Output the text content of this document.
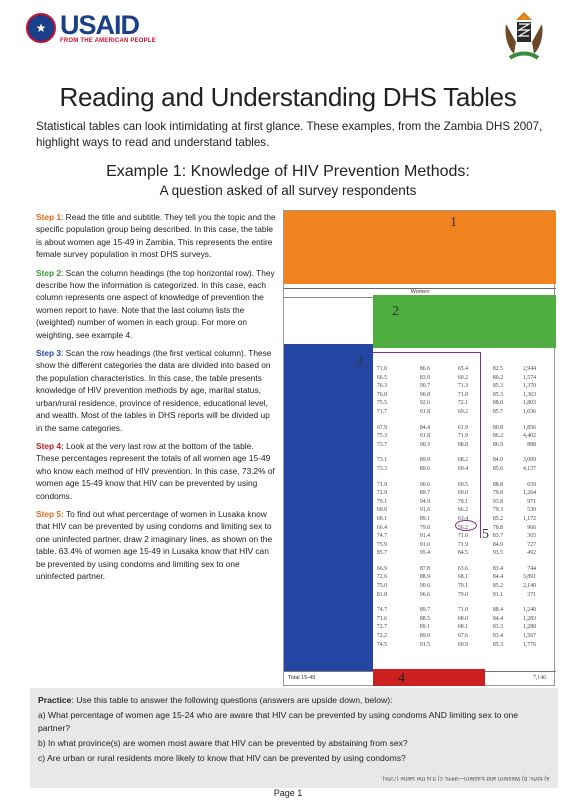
★ USAID
FROM THE AMERICAN PEOPLE
Reading and Understanding DHS Tables
Statistical tables can look intimidating at first glance. These examples, from the Zambia DHS 2007, highlight ways to read and understand tables.
Example 1: Knowledge of HIV Prevention Methods:
A question asked of all survey respondents

Step 1: Read the title and subtitle. They tell you the topic and the specific population group being described. In this case, the table is about women age 15-49 in Zambia. This represents the entire female survey population in most DHS surveys.

Step 2: Scan the column headings (the top horizontal row). They describe how the information is categorized. In this case, each column represents one aspect of knowledge of prevention the women report to have. Note that the last column lists the (weighted) number of women in each group. For more on weighting, see example 4.

Step 3: Scan the row headings (the first vertical column). These show the different categories the data are divided into based on the population characteristics. In this case, the table presents knowledge of HIV prevention methods by age, marital status, urban/rural residence, province of residence, educational level, and wealth. Most of the tables in DHS reports will be divided up in the same categories.

Step 4: Look at the very last row at the bottom of the table. These percentages represent the totals of all women age 15-49 who know each method of HIV prevention. In this case, 73.2% of women age 15-49 know that HIV can be prevented by using condoms.

Step 5: To find out what percentage of women in Lusaka know that HIV can be prevented by using condoms and limiting sex to one uninfected partner, draw 2 imaginary lines, as shown on the table. 63.4% of women age 15-49 in Lusaka know that HIV can be prevented by using condoms and limiting sex to one uninfected partner.

Women
1
2
3
5
71.0	86.6	65.4	82.5	2,944
66.5	83.0	60.2	80.2	1,574
76.3	90.7	71.3	85.3	1,370
76.0	90.8	71.8	85.3	1,363
75.5	92.6	72.1	88.0	1,803
71.7	91.8	69.2	85.7	1,036
67.9	84.4	61.9	80.8	1,856
75.3	91.8	71.9	86.2	4,402
73.7	90.3	68.8	86.9	888
73.1	89.9	68.2	84.0	3,009
73.3	89.6	69.4	85.6	4,137
71.9	90.6	69.5	88.8	659
72.9	89.7	69.0	79.8	1,264
79.1	94.9	78.1	93.8	971
69.8	91.6	66.2	79.3	530
69.1	89.1	63.4	85.2	1,172
66.4	79.0	56.2	78.8	966
74.7	91.4	71.6	83.7	365
75.9	91.0	71.9	84.9	727
85.7	95.4	84.5	93.5	492
66.9	87.8	63.6	83.4	744
72.6	88.9	68.1	84.4	3,891
75.0	90.6	70.1	85.2	2,140
81.8	96.6	79.0	91.1	371
74.7	89.7	71.0	88.4	1,240
71.6	88.5	68.0	84.4	1,283
72.7	89.1	68.1	83.3	1,280
72.2	89.0	67.6	83.4	1,567
74.5	91.5	69.9	85.3	1,776
Total 15-49	7,146
4

Practice: Use this table to answer the following questions (answers are upside down, below):

a) What percentage of women age 15-24 who are aware that HIV can be prevented by using condoms AND limiting sex to one partner?

b) In what province(s) are women most aware that HIV can be prevented by abstaining from sex?

c) Are urban or rural residents more likely to know that HIV can be prevented by using condoms?

a) 65%; b) Western and Eastern—94%; c) It is the same (73%).
Page 1
